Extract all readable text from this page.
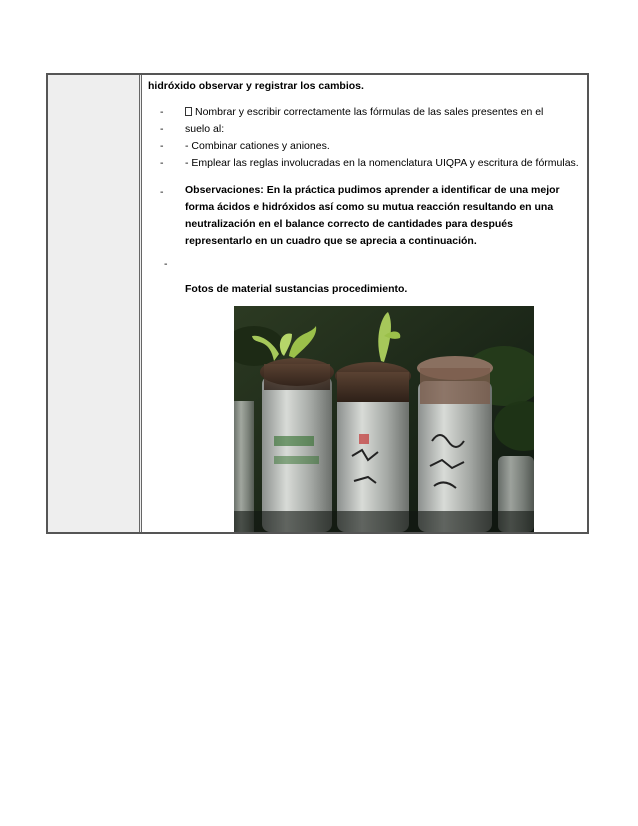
hidróxido observar y registrar los cambios.
-	Nombrar y escribir correctamente las fórmulas de las sales presentes en el
- suelo al:
- - Combinar cationes y aniones.
- - Emplear las reglas involucradas en la nomenclatura UIQPA y escritura de fórmulas.
- Observaciones: En la práctica pudimos aprender a identificar de una mejor forma ácidos e hidróxidos así como su mutua reacción resultando en una neutralización en el balance correcto de cantidades para después representarlo en un cuadro que se aprecia a continuación.
-
Fotos de material sustancias procedimiento.
